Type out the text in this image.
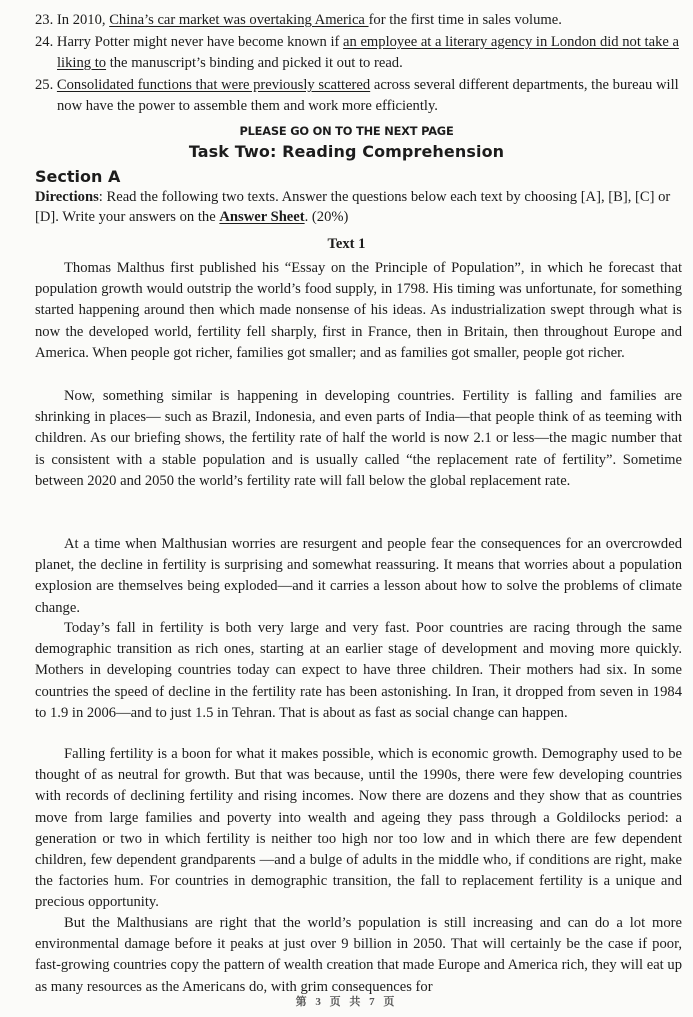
23. In 2010, China’s car market was overtaking America for the first time in sales volume.
24. Harry Potter might never have become known if an employee at a literary agency in London did not take a liking to the manuscript’s binding and picked it out to read.
25. Consolidated functions that were previously scattered across several different departments, the bureau will now have the power to assemble them and work more efficiently.
PLEASE GO ON TO THE NEXT PAGE
Task Two: Reading Comprehension
Section A
Directions: Read the following two texts. Answer the questions below each text by choosing [A], [B], [C] or [D]. Write your answers on the Answer Sheet. (20%)
Text 1
Thomas Malthus first published his “Essay on the Principle of Population”, in which he forecast that population growth would outstrip the world’s food supply, in 1798. His timing was unfortunate, for something started happening around then which made nonsense of his ideas. As industrialization swept through what is now the developed world, fertility fell sharply, first in France, then in Britain, then throughout Europe and America. When people got richer, families got smaller; and as families got smaller, people got richer.
Now, something similar is happening in developing countries. Fertility is falling and families are shrinking in places— such as Brazil, Indonesia, and even parts of India—that people think of as teeming with children. As our briefing shows, the fertility rate of half the world is now 2.1 or less—the magic number that is consistent with a stable population and is usually called “the replacement rate of fertility”. Sometime between 2020 and 2050 the world’s fertility rate will fall below the global replacement rate.
At a time when Malthusian worries are resurgent and people fear the consequences for an overcrowded planet, the decline in fertility is surprising and somewhat reassuring. It means that worries about a population explosion are themselves being exploded—and it carries a lesson about how to solve the problems of climate change.
Today’s fall in fertility is both very large and very fast. Poor countries are racing through the same demographic transition as rich ones, starting at an earlier stage of development and moving more quickly. Mothers in developing countries today can expect to have three children. Their mothers had six. In some countries the speed of decline in the fertility rate has been astonishing. In Iran, it dropped from seven in 1984 to 1.9 in 2006—and to just 1.5 in Tehran. That is about as fast as social change can happen.
Falling fertility is a boon for what it makes possible, which is economic growth. Demography used to be thought of as neutral for growth. But that was because, until the 1990s, there were few developing countries with records of declining fertility and rising incomes. Now there are dozens and they show that as countries move from large families and poverty into wealth and ageing they pass through a Goldilocks period: a generation or two in which fertility is neither too high nor too low and in which there are few dependent children, few dependent grandparents —and a bulge of adults in the middle who, if conditions are right, make the factories hum. For countries in demographic transition, the fall to replacement fertility is a unique and precious opportunity.
But the Malthusians are right that the world’s population is still increasing and can do a lot more environmental damage before it peaks at just over 9 billion in 2050. That will certainly be the case if poor, fast-growing countries copy the pattern of wealth creation that made Europe and America rich, they will eat up as many resources as the Americans do, with grim consequences for
第 3 页 共 7 页
